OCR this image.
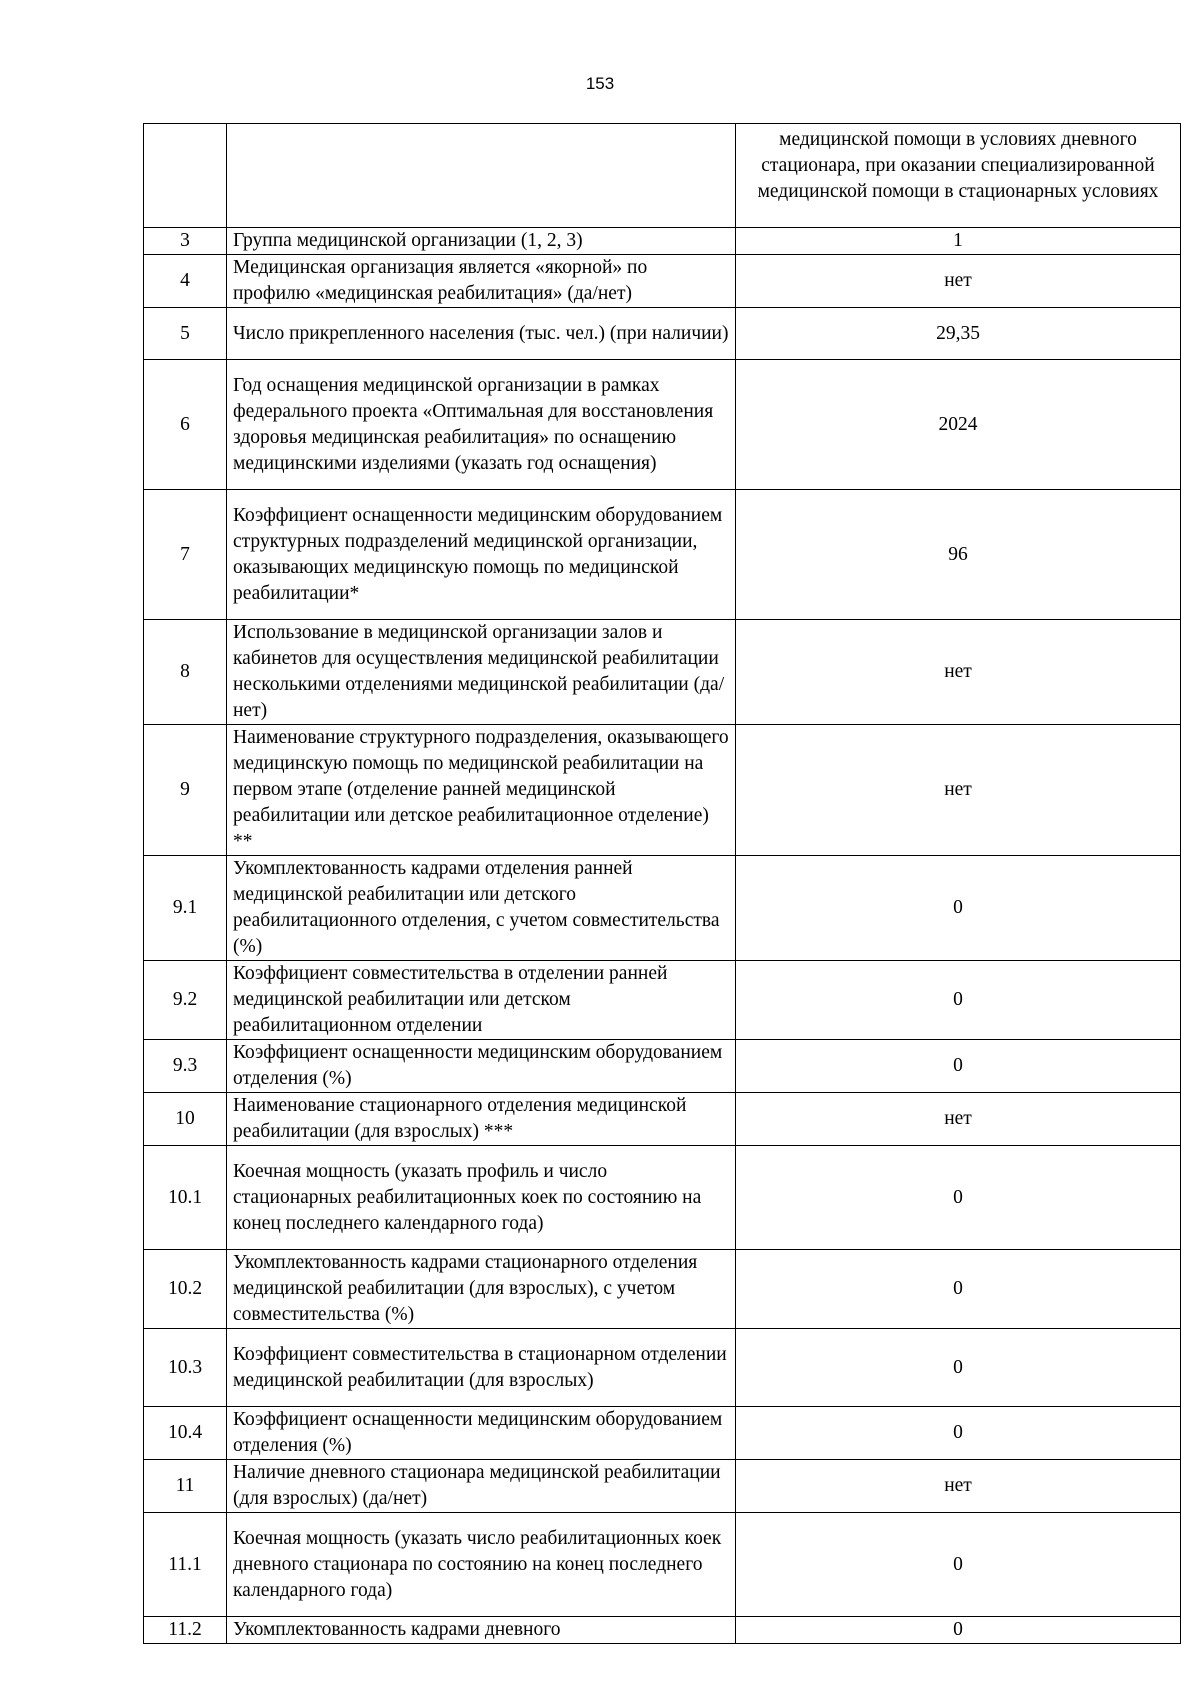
153
		медицинской помощи в условиях дневного стационара, при оказании специализированной медицинской помощи в стационарных условиях
3	Группа медицинской организации (1, 2, 3)	1
4	Медицинская организация является «якорной» по профилю «медицинская реабилитация» (да/нет)	нет
5	Число прикрепленного населения (тыс. чел.) (при наличии)	29,35
6	Год оснащения медицинской организации в рамках федерального проекта «Оптимальная для восстановления здоровья медицинская реабилитация» по оснащению медицинскими изделиями (указать год оснащения)	2024
7	Коэффициент оснащенности медицинским оборудованием структурных подразделений медицинской организации, оказывающих медицинскую помощь по медицинской реабилитации*	96
8	Использование в медицинской организации залов и кабинетов для осуществления медицинской реабилитации несколькими отделениями медицинской реабилитации (да/нет)	нет
9	Наименование структурного подразделения, оказывающего медицинскую помощь по медицинской реабилитации на первом этапе (отделение ранней медицинской реабилитации или детское реабилитационное отделение) **	нет
9.1	Укомплектованность кадрами отделения ранней медицинской реабилитации или детского реабилитационного отделения, с учетом совместительства (%)	0
9.2	Коэффициент совместительства в отделении ранней медицинской реабилитации или детском реабилитационном отделении	0
9.3	Коэффициент оснащенности медицинским оборудованием отделения (%)	0
10	Наименование стационарного отделения медицинской реабилитации (для взрослых) ***	нет
10.1	Коечная мощность (указать профиль и число стационарных реабилитационных коек по состоянию на конец последнего календарного года)	0
10.2	Укомплектованность кадрами стационарного отделения медицинской реабилитации (для взрослых), с учетом совместительства (%)	0
10.3	Коэффициент совместительства в стационарном отделении медицинской реабилитации (для взрослых)	0
10.4	Коэффициент оснащенности медицинским оборудованием отделения (%)	0
11	Наличие дневного стационара медицинской реабилитации (для взрослых) (да/нет)	нет
11.1	Коечная мощность (указать число реабилитационных коек дневного стационара по состоянию на конец последнего календарного года)	0
11.2	Укомплектованность кадрами дневного	0
